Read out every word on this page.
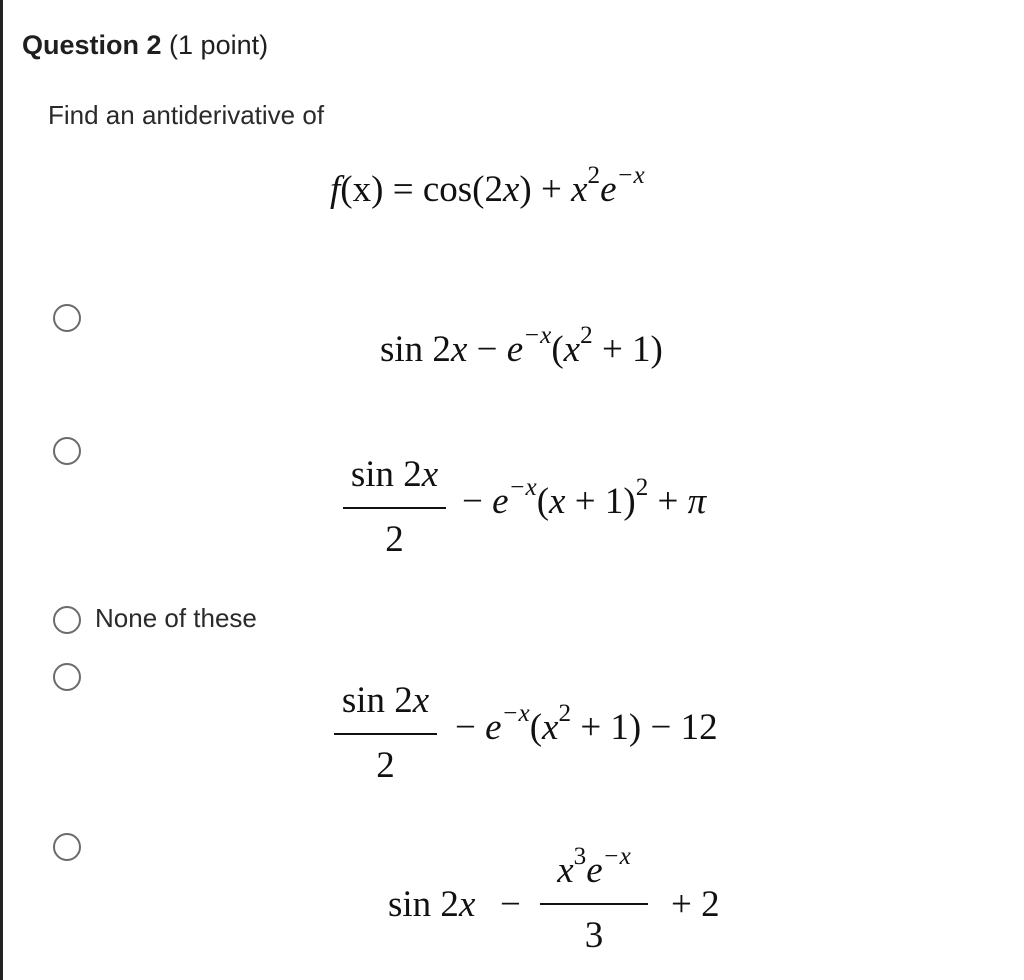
Question 2 (1 point)
Find an antiderivative of
$f(x) = \cos(2x) + x^2e^{-x}$
$\sin 2x - e^{-x}(x^2 + 1)$
sin 2x
2
− $e^{-x}(x + 1)^2 + \pi$
None of these
sin 2x
2
− $e^{-x}(x^2 + 1) - 12$
sin 2x −
$x^3e^{-x}$
3
+ 2
